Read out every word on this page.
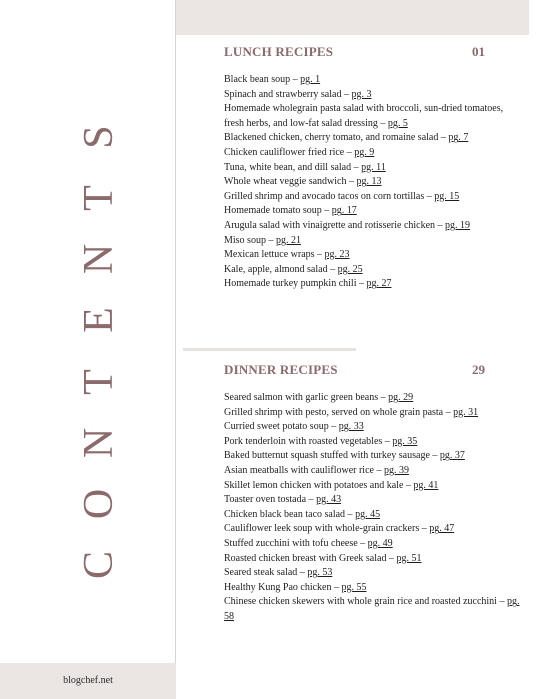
S
T
N
E
T
N
O
C
blogchef.net
LUNCH RECIPES	01
Black bean soup – pg. 1
Spinach and strawberry salad – pg. 3
Homemade wholegrain pasta salad with broccoli, sun-dried tomatoes, fresh herbs, and low-fat salad dressing – pg. 5
Blackened chicken, cherry tomato, and romaine salad – pg. 7
Chicken cauliflower fried rice – pg. 9
Tuna, white bean, and dill salad – pg. 11
Whole wheat veggie sandwich – pg. 13
Grilled shrimp and avocado tacos on corn tortillas – pg. 15
Homemade tomato soup – pg. 17
Arugula salad with vinaigrette and rotisserie chicken – pg. 19
Miso soup – pg. 21
Mexican lettuce wraps – pg. 23
Kale, apple, almond salad – pg. 25
Homemade turkey pumpkin chili – pg. 27
DINNER RECIPES	29
Seared salmon with garlic green beans – pg. 29
Grilled shrimp with pesto, served on whole grain pasta – pg. 31
Curried sweet potato soup – pg. 33
Pork tenderloin with roasted vegetables – pg. 35
Baked butternut squash stuffed with turkey sausage – pg. 37
Asian meatballs with cauliflower rice – pg. 39
Skillet lemon chicken with potatoes and kale – pg. 41
Toaster oven tostada – pg. 43
Chicken black bean taco salad – pg. 45
Cauliflower leek soup with whole-grain crackers – pg. 47
Stuffed zucchini with tofu cheese – pg. 49
Roasted chicken breast with Greek salad – pg. 51
Seared steak salad – pg. 53
Healthy Kung Pao chicken – pg. 55
Chinese chicken skewers with whole grain rice and roasted zucchini – pg. 58
